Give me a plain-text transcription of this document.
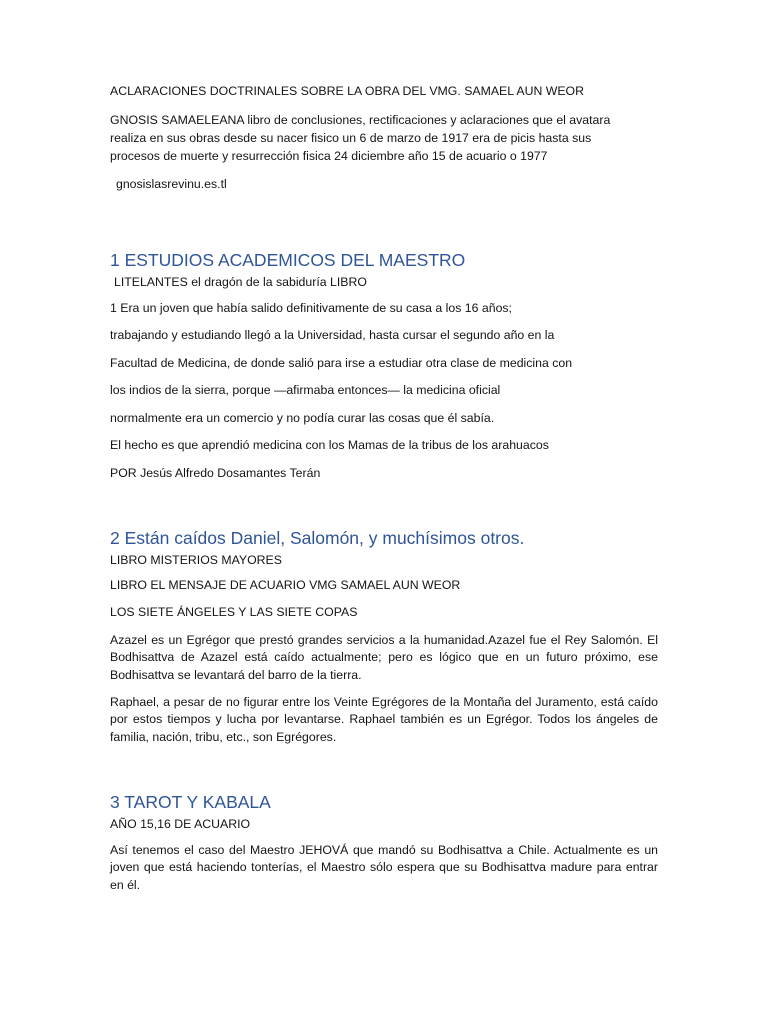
ACLARACIONES DOCTRINALES SOBRE LA OBRA DEL VMG. SAMAEL AUN WEOR
GNOSIS SAMAELEANA libro de conclusiones, rectificaciones y aclaraciones que el avatara
realiza en sus obras desde su nacer fisico un 6 de marzo de 1917 era de picis hasta sus
procesos de muerte y resurrección fisica 24 diciembre año 15 de acuario o 1977
gnosislasrevinu.es.tl
1 ESTUDIOS ACADEMICOS DEL MAESTRO
LITELANTES el dragón de la sabiduría LIBRO
1 Era un joven que había salido definitivamente de su casa a los 16 años;
trabajando y estudiando llegó a la Universidad, hasta cursar el segundo año en la
Facultad de Medicina, de donde salió para irse a estudiar otra clase de medicina con
los indios de la sierra, porque —afirmaba entonces— la medicina oficial
normalmente era un comercio y no podía curar las cosas que él sabía.
El hecho es que aprendió medicina con los Mamas de la tribus de los arahuacos
POR Jesús Alfredo Dosamantes Terán
2 Están caídos Daniel, Salomón, y muchísimos otros.
LIBRO MISTERIOS MAYORES
LIBRO EL MENSAJE DE ACUARIO VMG SAMAEL AUN WEOR
LOS SIETE ÁNGELES Y LAS SIETE COPAS
Azazel es un Egrégor que prestó grandes servicios a la humanidad.Azazel fue el Rey Salomón. El Bodhisattva de Azazel está caído actualmente; pero es lógico que en un futuro próximo, ese Bodhisattva se levantará del barro de la tierra.
Raphael, a pesar de no figurar entre los Veinte Egrégores de la Montaña del Juramento, está caído por estos tiempos y lucha por levantarse. Raphael también es un Egrégor. Todos los ángeles de familia, nación, tribu, etc., son Egrégores.
3 TAROT Y KABALA
AÑO 15,16 DE ACUARIO
Así tenemos el caso del Maestro JEHOVÁ que mandó su Bodhisattva a Chile. Actualmente es un joven que está haciendo tonterías, el Maestro sólo espera que su Bodhisattva madure para entrar en él.
